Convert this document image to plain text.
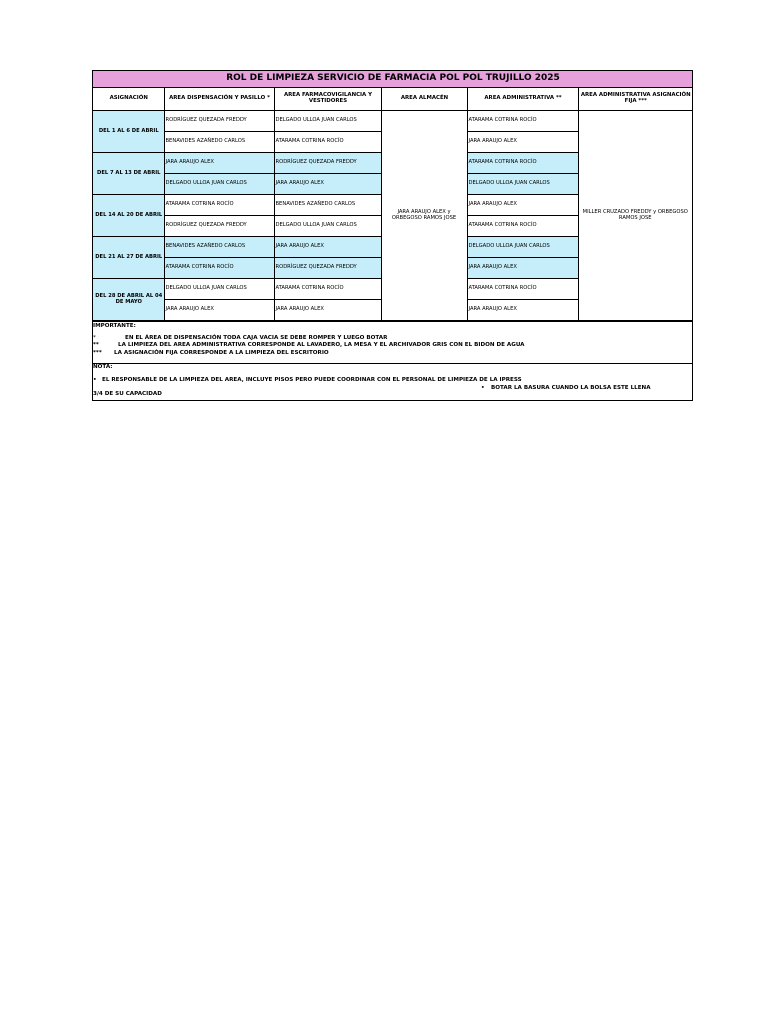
ROL DE LIMPIEZA SERVICIO DE FARMACIA POL POL TRUJILLO 2025					
ASIGNACIÓN	AREA DISPENSACIÓN Y PASILLO *	AREA FARMACOVIGILANCIA Y VESTIDORES	AREA ALMACÉN	AREA ADMINISTRATIVA **	AREA ADMINISTRATIVA ASIGNACIÓN FIJA ***
DEL 1 AL 6 DE ABRIL	RODRÍGUEZ QUEZADA FREDDY	DELGADO ULLOA JUAN CARLOS	JARA ARAUJO ALEX y ORBEGOSO RAMOS JOSE	ATARAMA COTRINA ROCÍO	MILLER CRUZADO FREDDY y ORBEGOSO RAMOS JOSE
	BENAVIDES AZAÑEDO CARLOS	ATARAMA COTRINA ROCÍO		JARA ARAUJO ALEX	
DEL 7 AL 13 DE ABRIL	JARA ARAUJO ALEX	RODRÍGUEZ QUEZADA FREDDY		ATARAMA COTRINA ROCÍO	
	DELGADO ULLOA JUAN CARLOS	JARA ARAUJO ALEX		DELGADO ULLOA JUAN CARLOS	
DEL 14 AL 20 DE ABRIL	ATARAMA COTRINA ROCÍO	BENAVIDES AZAÑEDO CARLOS		JARA ARAUJO ALEX	
	RODRÍGUEZ QUEZADA FREDDY	DELGADO ULLOA JUAN CARLOS		ATARAMA COTRINA ROCÍO	
DEL 21 AL 27 DE ABRIL	BENAVIDES AZAÑEDO CARLOS	JARA ARAUJO ALEX		DELGADO ULLOA JUAN CARLOS	
	ATARAMA COTRINA ROCÍO	RODRÍGUEZ QUEZADA FREDDY		JARA ARAUJO ALEX	
DEL 28 DE ABRIL AL 04 DE MAYO	DELGADO ULLOA JUAN CARLOS	ATARAMA COTRINA ROCÍO		ATARAMA COTRINA ROCÍO	
	JARA ARAUJO ALEX	JARA ARAUJO ALEX		JARA ARAUJO ALEX	
IMPORTANTE:
*	EN EL ÁREA DE DISPENSACIÓN TODA CAJA VACIA SE DEBE ROMPER Y LUEGO BOTAR
**	LA LIMPIEZA DEL AREA ADMINISTRATIVA CORRESPONDE AL LAVADERO, LA MESA Y EL ARCHIVADOR GRIS CON EL BIDON DE AGUA
*** LA ASIGNACIÓN FIJA CORRESPONDE A LA LIMPIEZA DEL ESCRITORIO
NOTA:
• EL RESPONSABLE DE LA LIMPIEZA DEL AREA, INCLUYE PISOS PERO PUEDE COORDINAR CON EL PERSONAL DE LIMPIEZA DE LA IPRESS
• BOTAR LA BASURA CUANDO LA BOLSA ESTE LLENA
3/4 DE SU CAPACIDAD
